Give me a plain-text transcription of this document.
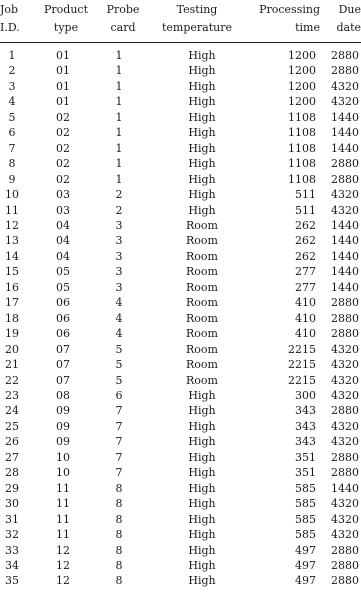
Job	Product	Probe	Testing	Processing	Due
I.D.	type	card	temperature	time	date

1	01	1	High	1200	2880
2	01	1	High	1200	2880
3	01	1	High	1200	4320
4	01	1	High	1200	4320
5	02	1	High	1108	1440
6	02	1	High	1108	1440
7	02	1	High	1108	1440
8	02	1	High	1108	2880
9	02	1	High	1108	2880
10	03	2	High	511	4320
11	03	2	High	511	4320
12	04	3	Room	262	1440
13	04	3	Room	262	1440
14	04	3	Room	262	1440
15	05	3	Room	277	1440
16	05	3	Room	277	1440
17	06	4	Room	410	2880
18	06	4	Room	410	2880
19	06	4	Room	410	2880
20	07	5	Room	2215	4320
21	07	5	Room	2215	4320
22	07	5	Room	2215	4320
23	08	6	High	300	4320
24	09	7	High	343	2880
25	09	7	High	343	4320
26	09	7	High	343	4320
27	10	7	High	351	2880
28	10	7	High	351	2880
29	11	8	High	585	1440
30	11	8	High	585	4320
31	11	8	High	585	4320
32	11	8	High	585	4320
33	12	8	High	497	2880
34	12	8	High	497	2880
35	12	8	High	497	2880
